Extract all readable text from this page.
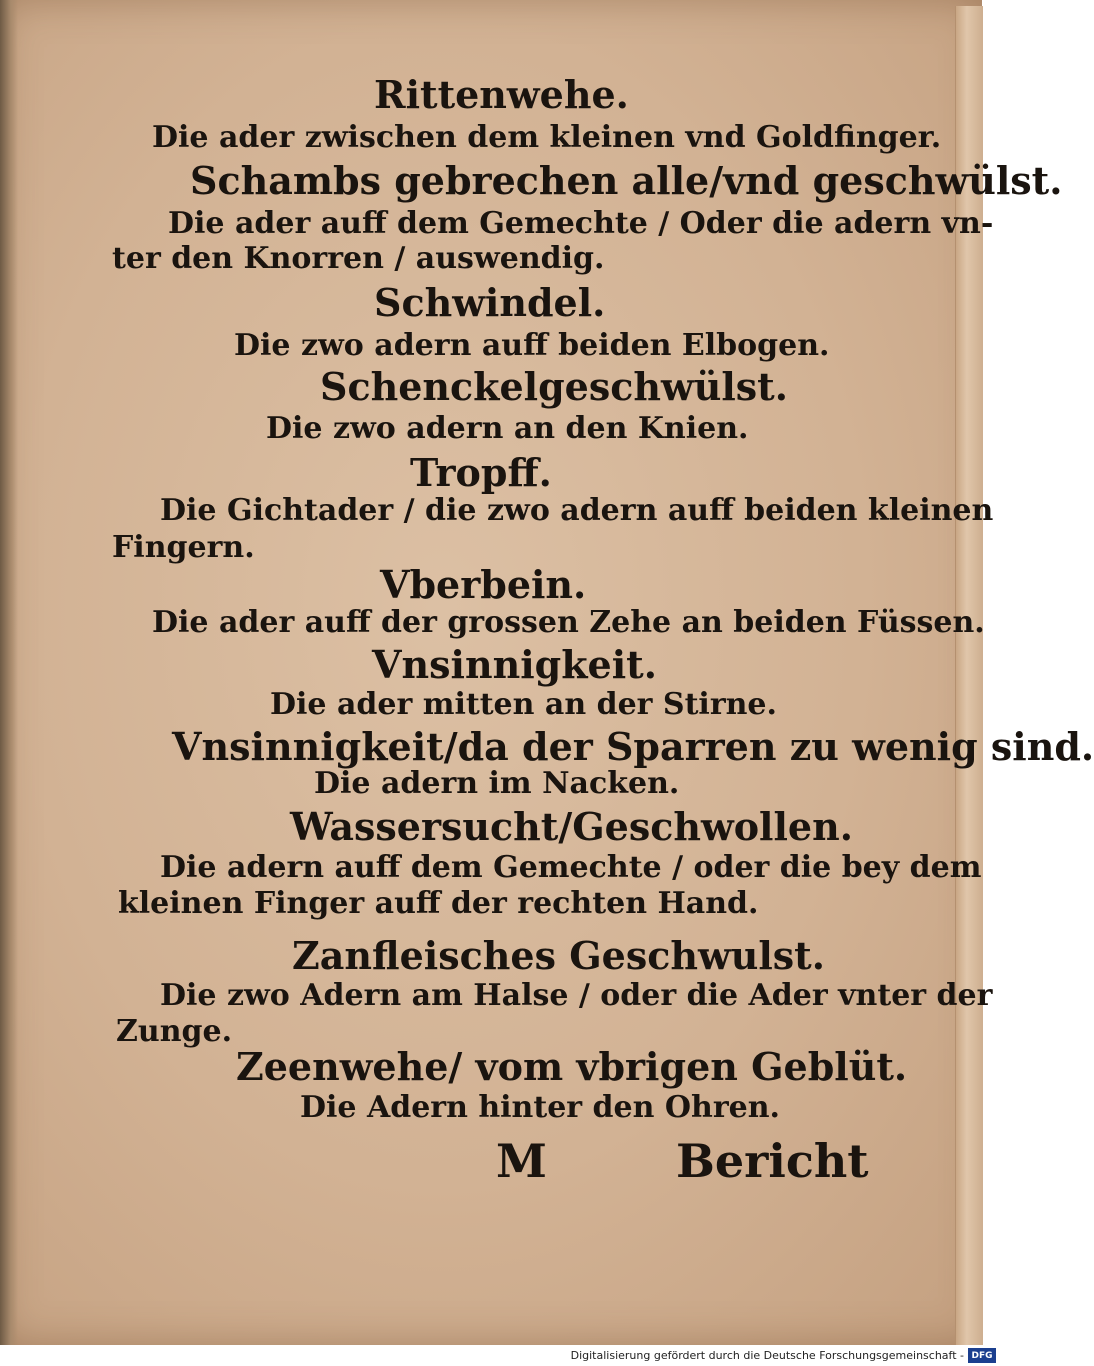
Rittenwehe.
Die ader zwischen dem kleinen vnd Goldfinger.
Schambs gebrechen alle/vnd geschwülst.
Die ader auff dem Gemechte / Oder die adern vn-
ter den Knorren / auswendig.
Schwindel.
Die zwo adern auff beiden Elbogen.
Schenckelgeschwülst.
Die zwo adern an den Knien.
Tropff.
Die Gichtader / die zwo adern auff beiden kleinen
Fingern.
Vberbein.
Die ader auff der grossen Zehe an beiden Füssen.
Vnsinnigkeit.
Die ader mitten an der Stirne.
Vnsinnigkeit/da der Sparren zu wenig sind.
Die adern im Nacken.
Wassersucht/Geschwollen.
Die adern auff dem Gemechte / oder die bey dem
kleinen Finger auff der rechten Hand.
Zanfleisches Geschwulst.
Die zwo Adern am Halse / oder die Ader vnter der
Zunge.
Zeenwehe/ vom vbrigen Geblüt.
Die Adern hinter den Ohren.
M	Bericht
Digitalisierung gefördert durch die Deutsche Forschungsgemeinschaft - DFG
